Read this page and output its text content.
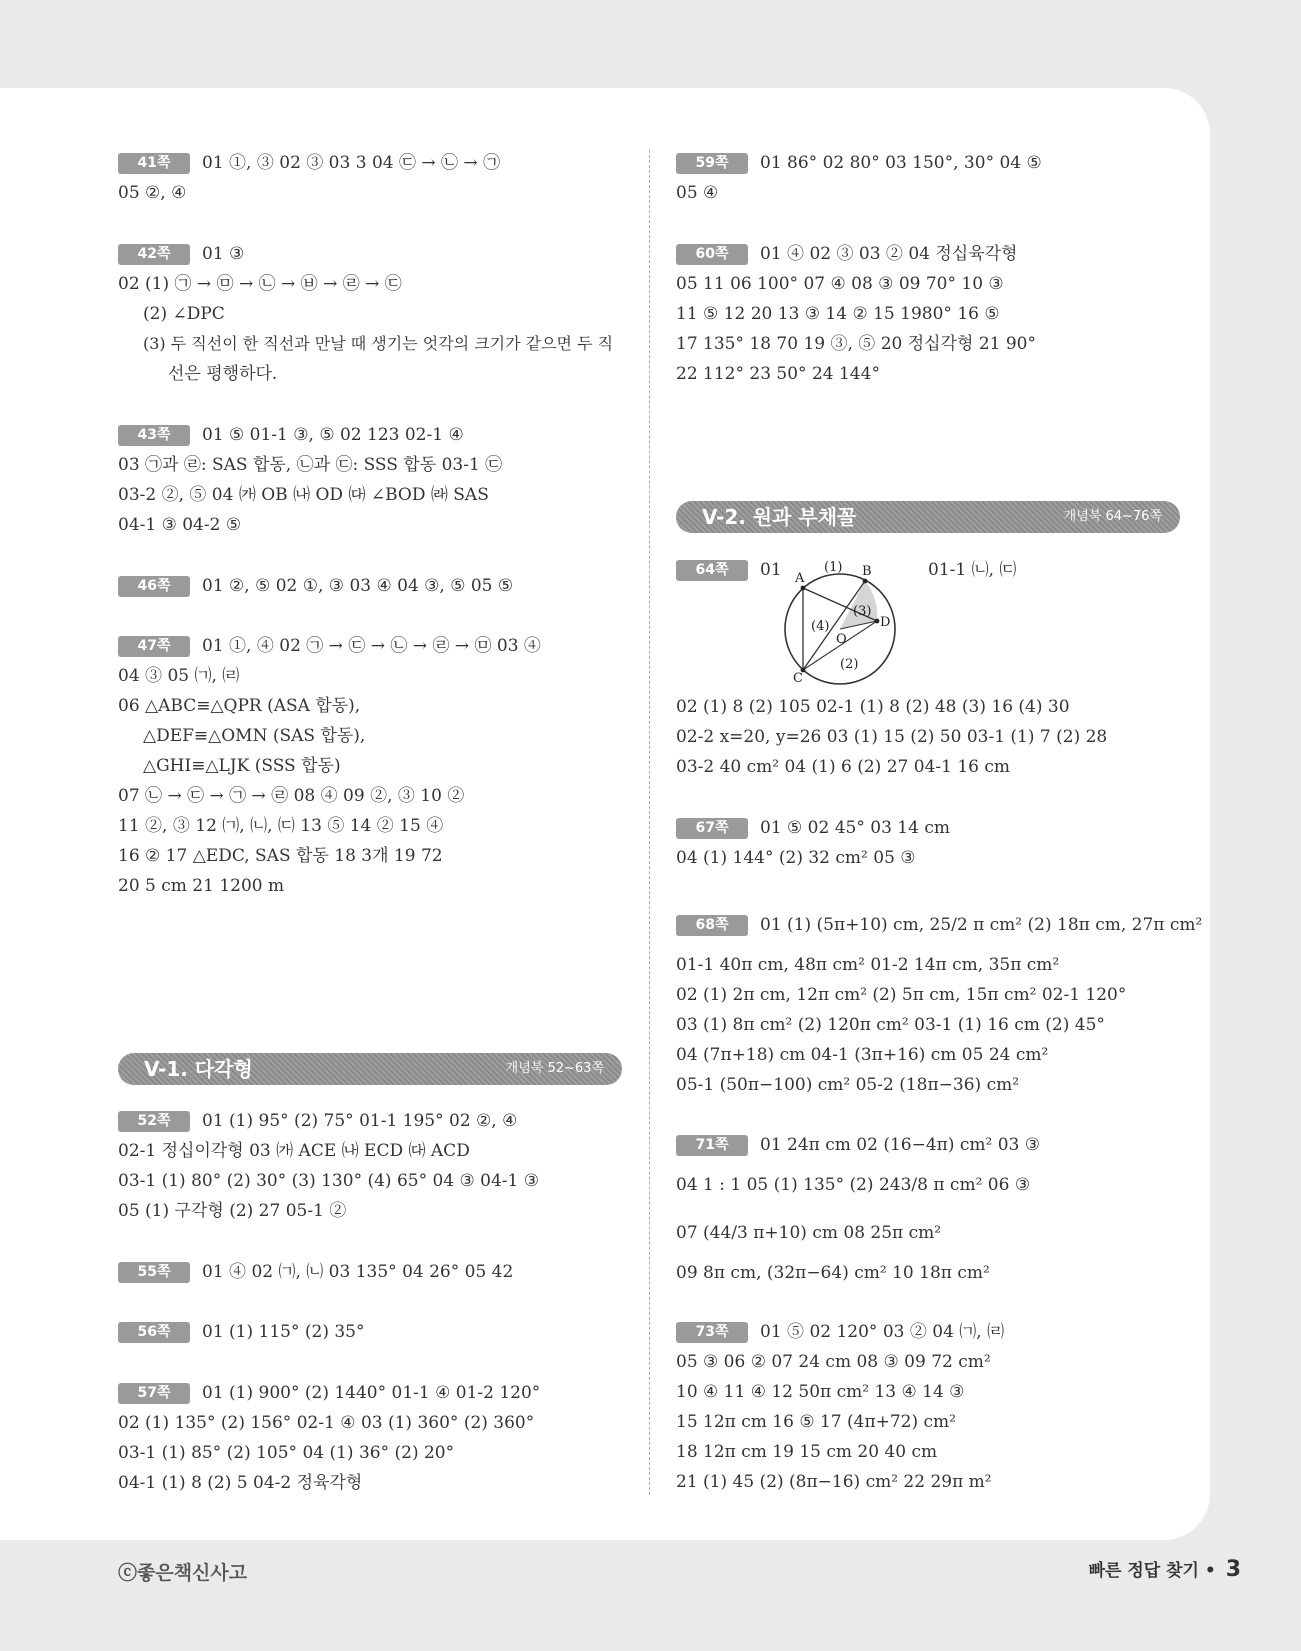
41쪽	01 ①, ③ 02 ③ 03 3 04 ㉢ → ㉡ → ㉠
05 ②, ④
42쪽	01 ③
02 (1) ㉠ → ㉤ → ㉡ → ㉥ → ㉣ → ㉢
(2) ∠DPC
(3) 두 직선이 한 직선과 만날 때 생기는 엇각의 크기가 같으면 두 직
선은 평행하다.
43쪽	01 ⑤ 01-1 ③, ⑤ 02 123 02-1 ④
03 ㉠과 ㉣: SAS 합동, ㉡과 ㉢: SSS 합동 03-1 ㉢
03-2 ②, ⑤ 04 ㈎ OB ㈏ OD ㈐ ∠BOD ㈑ SAS
04-1 ③ 04-2 ⑤
46쪽	01 ②, ⑤ 02 ①, ③ 03 ④ 04 ③, ⑤ 05 ⑤
47쪽	01 ①, ④ 02 ㉠ → ㉢ → ㉡ → ㉣ → ㉤ 03 ④
04 ③ 05 ㈀, ㈃
06 △ABC≡△QPR (ASA 합동),
△DEF≡△OMN (SAS 합동),
△GHI≡△LJK (SSS 합동)
07 ㉡ → ㉢ → ㉠ → ㉣ 08 ④ 09 ②, ③ 10 ②
11 ②, ③ 12 ㈀, ㈁, ㈂ 13 ⑤ 14 ② 15 ④
16 ② 17 △EDC, SAS 합동 18 3개 19 72
20 5 cm 21 1200 m
V-1. 다각형	개념북 52~63쪽
52쪽	01 (1) 95° (2) 75° 01-1 195° 02 ②, ④
02-1 정십이각형 03 ㈎ ACE ㈏ ECD ㈐ ACD
03-1 (1) 80° (2) 30° (3) 130° (4) 65° 04 ③ 04-1 ③
05 (1) 구각형 (2) 27 05-1 ②
55쪽	01 ④ 02 ㈀, ㈁ 03 135° 04 26° 05 42
56쪽	01 (1) 115° (2) 35°
57쪽	01 (1) 900° (2) 1440° 01-1 ④ 01-2 120°
02 (1) 135° (2) 156° 02-1 ④ 03 (1) 360° (2) 360°
03-1 (1) 85° (2) 105° 04 (1) 36° (2) 20°
04-1 (1) 8 (2) 5 04-2 정육각형
59쪽	01 86° 02 80° 03 150°, 30° 04 ⑤
05 ④
60쪽	01 ④ 02 ③ 03 ② 04 정십육각형
05 11 06 100° 07 ④ 08 ③ 09 70° 10 ③
11 ⑤ 12 20 13 ③ 14 ② 15 1980° 16 ⑤
17 135° 18 70 19 ③, ⑤ 20 정십각형 21 90°
22 112° 23 50° 24 144°
V-2. 원과 부채꼴	개념북 64~76쪽
64쪽	01	01-1 ㈁, ㈂
A	B
D
C
O
(1)
(2)
(3)
(4)
02 (1) 8 (2) 105 02-1 (1) 8 (2) 48 (3) 16 (4) 30
02-2 x=20, y=26 03 (1) 15 (2) 50 03-1 (1) 7 (2) 28
03-2 40 cm² 04 (1) 6 (2) 27 04-1 16 cm
67쪽	01 ⑤ 02 45° 03 14 cm
04 (1) 144° (2) 32 cm² 05 ③
68쪽	01 (1) (5π+10) cm, 25/2 π cm² (2) 18π cm, 27π cm²
01-1 40π cm, 48π cm² 01-2 14π cm, 35π cm²
02 (1) 2π cm, 12π cm² (2) 5π cm, 15π cm² 02-1 120°
03 (1) 8π cm² (2) 120π cm² 03-1 (1) 16 cm (2) 45°
04 (7π+18) cm 04-1 (3π+16) cm 05 24 cm²
05-1 (50π−100) cm² 05-2 (18π−36) cm²
71쪽	01 24π cm 02 (16−4π) cm² 03 ③
04 1 : 1 05 (1) 135° (2) 243/8 π cm² 06 ③
07 (44/3 π+10) cm 08 25π cm²
09 8π cm, (32π−64) cm² 10 18π cm²
73쪽	01 ⑤ 02 120° 03 ② 04 ㈀, ㈃
05 ③ 06 ② 07 24 cm 08 ③ 09 72 cm²
10 ④ 11 ④ 12 50π cm² 13 ④ 14 ③
15 12π cm 16 ⑤ 17 (4π+72) cm²
18 12π cm 19 15 cm 20 40 cm
21 (1) 45 (2) (8π−16) cm² 22 29π m²
ⓒ좋은책신사고	빠른 정답 찾기 • 3
